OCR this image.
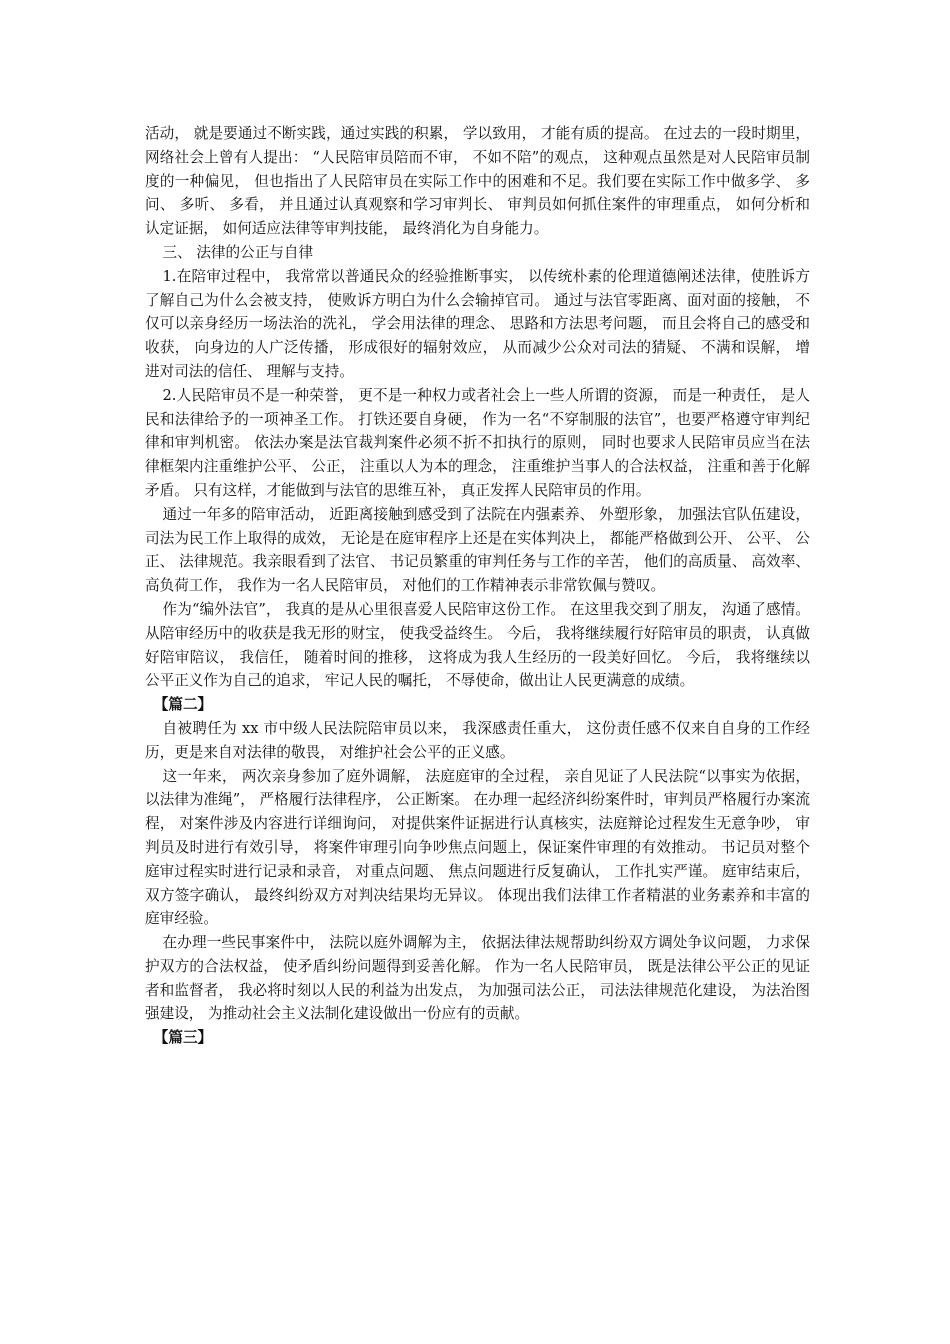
活动， 就是要通过不断实践，通过实践的积累， 学以致用， 才能有质的提高。 在过去的一段时期里， 网络社会上曾有人提出： “人民陪审员陪而不审， 不如不陪”的观点， 这种观点虽然是对人民陪审员制度的一种偏见， 但也指出了人民陪审员在实际工作中的困难和不足。我们要在实际工作中做多学、 多问、 多听、 多看， 并且通过认真观察和学习审判长、 审判员如何抓住案件的审理重点， 如何分析和认定证据， 如何适应法律等审判技能， 最终消化为自身能力。

三、 法律的公正与自律

1.在陪审过程中， 我常常以普通民众的经验推断事实， 以传统朴素的伦理道德阐述法律，使胜诉方了解自己为什么会被支持， 使败诉方明白为什么会输掉官司。 通过与法官零距离、面对面的接触， 不仅可以亲身经历一场法治的洗礼， 学会用法律的理念、 思路和方法思考问题， 而且会将自己的感受和收获， 向身边的人广泛传播， 形成很好的辐射效应， 从而减少公众对司法的猜疑、 不满和误解， 增进对司法的信任、 理解与支持。

2.人民陪审员不是一种荣誉， 更不是一种权力或者社会上一些人所谓的资源， 而是一种责任， 是人民和法律给予的一项神圣工作。 打铁还要自身硬， 作为一名“不穿制服的法官”，也要严格遵守审判纪律和审判机密。 依法办案是法官裁判案件必须不折不扣执行的原则， 同时也要求人民陪审员应当在法律框架内注重维护公平、 公正， 注重以人为本的理念， 注重维护当事人的合法权益， 注重和善于化解矛盾。 只有这样，才能做到与法官的思维互补， 真正发挥人民陪审员的作用。

通过一年多的陪审活动， 近距离接触到感受到了法院在内强素养、 外塑形象， 加强法官队伍建设， 司法为民工作上取得的成效， 无论是在庭审程序上还是在实体判决上， 都能严格做到公开、 公平、 公正、 法律规范。我亲眼看到了法官、 书记员繁重的审判任务与工作的辛苦， 他们的高质量、 高效率、 高负荷工作， 我作为一名人民陪审员， 对他们的工作精神表示非常钦佩与赞叹。

作为“编外法官”， 我真的是从心里很喜爱人民陪审这份工作。 在这里我交到了朋友， 沟通了感情。 从陪审经历中的收获是我无形的财宝， 使我受益终生。 今后， 我将继续履行好陪审员的职责， 认真做好陪审陪议， 我信任， 随着时间的推移， 这将成为我人生经历的一段美好回忆。 今后， 我将继续以公平正义作为自己的追求， 牢记人民的嘱托， 不辱使命，做出让人民更满意的成绩。

【篇二】

自被聘任为 xx 市中级人民法院陪审员以来， 我深感责任重大， 这份责任感不仅来自自身的工作经历，更是来自对法律的敬畏， 对维护社会公平的正义感。

这一年来， 两次亲身参加了庭外调解， 法庭庭审的全过程， 亲自见证了人民法院“以事实为依据， 以法律为准绳”， 严格履行法律程序， 公正断案。 在办理一起经济纠纷案件时，审判员严格履行办案流程， 对案件涉及内容进行详细询问， 对提供案件证据进行认真核实，法庭辩论过程发生无意争吵， 审判员及时进行有效引导， 将案件审理引向争吵焦点问题上，保证案件审理的有效推动。 书记员对整个庭审过程实时进行记录和录音， 对重点问题、 焦点问题进行反复确认， 工作扎实严谨。 庭审结束后， 双方签字确认， 最终纠纷双方对判决结果均无异议。 体现出我们法律工作者精湛的业务素养和丰富的庭审经验。

在办理一些民事案件中， 法院以庭外调解为主， 依据法律法规帮助纠纷双方调处争议问题， 力求保护双方的合法权益， 使矛盾纠纷问题得到妥善化解。 作为一名人民陪审员， 既是法律公平公正的见证者和监督者， 我必将时刻以人民的利益为出发点， 为加强司法公正， 司法法律规范化建设， 为法治图强建设， 为推动社会主义法制化建设做出一份应有的贡献。

【篇三】
